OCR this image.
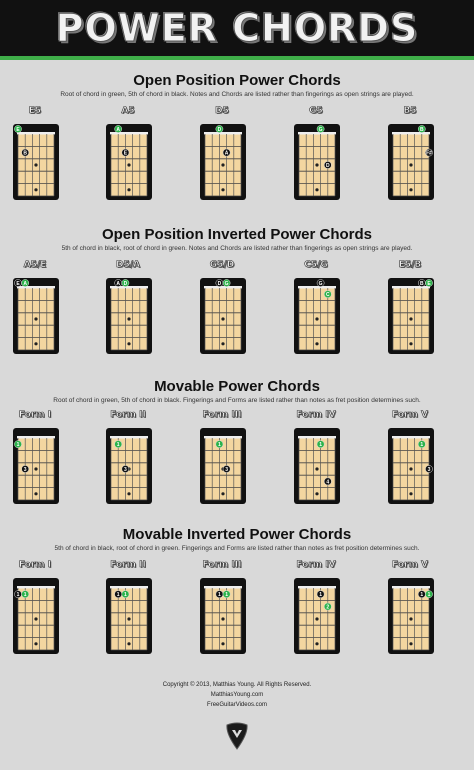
POWER CHORDS
Open Position Power Chords
Root of chord in green, 5th of chord in black. Notes and Chords are listed rather than fingerings as open strings are played.
E5
E
B
A5
A
E
D5
D
A
G5
G
D
B5
B
F#
Open Position Inverted Power Chords
5th of chord in black, root of chord in green. Notes and Chords are listed rather than fingerings as open strings are played.
A5/E
E A
D5/A
A D
G5/D
D G
C5/G
G
C
E5/B
B E
Movable Power Chords
Root of chord in green, 5th of chord in black. Fingerings and Forms are listed rather than notes as fret position determines such.
Form I
1
3
Form II
1
3
Form III
1
3
Form IV
1
4
Form V
1
3
Movable Inverted Power Chords
5th of chord in black, root of chord in green. Fingerings and Forms are listed rather than notes as fret position determines such.
Form I
1 1
Form II
1 1
Form III
1 1
Form IV
1
2
Form V
1 1
Copyright © 2013, Matthias Young. All Rights Reserved.
MatthiasYoung.com
FreeGuitarVideos.com
